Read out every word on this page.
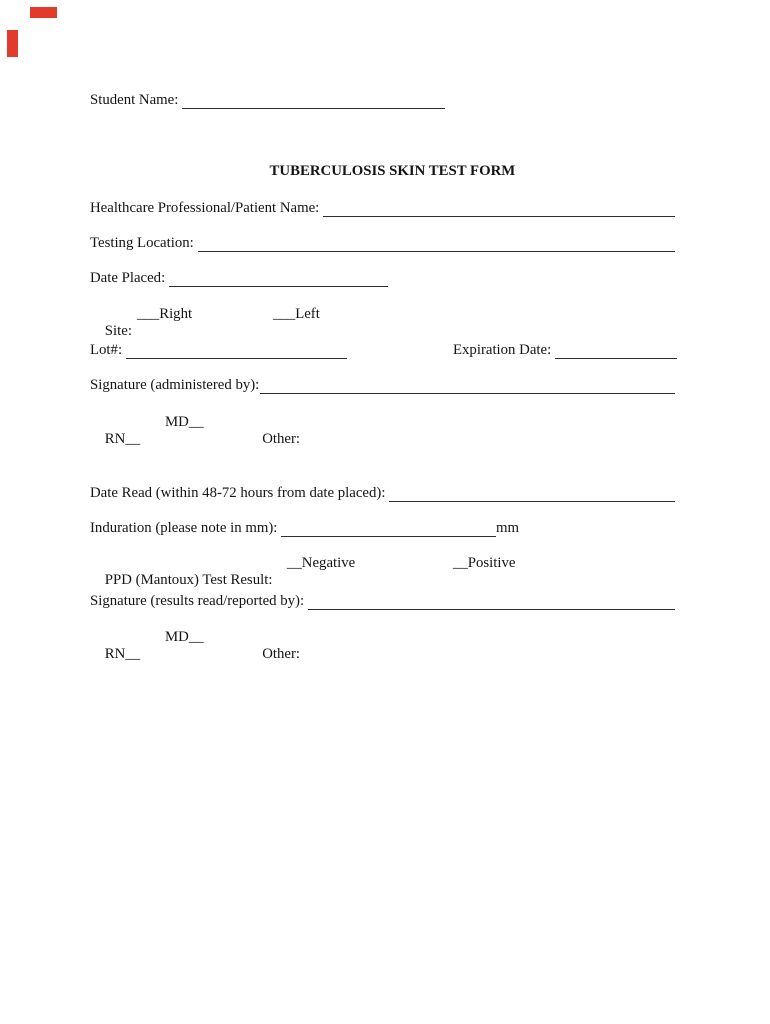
Student Name:

TUBERCULOSIS SKIN TEST FORM

Healthcare Professional/Patient Name:
Testing Location:
Date Placed:

Site:

___Right

	___Left

Lot#:	Expiration Date:
Signature (administered by):

RN__

MD__

Other:

Date Read (within 48-72 hours from date placed):
Induration (please note in mm):	mm

PPD (Mantoux) Test Result:

__Negative

	__Positive

Signature (results read/reported by):

RN__

MD__

Other:
